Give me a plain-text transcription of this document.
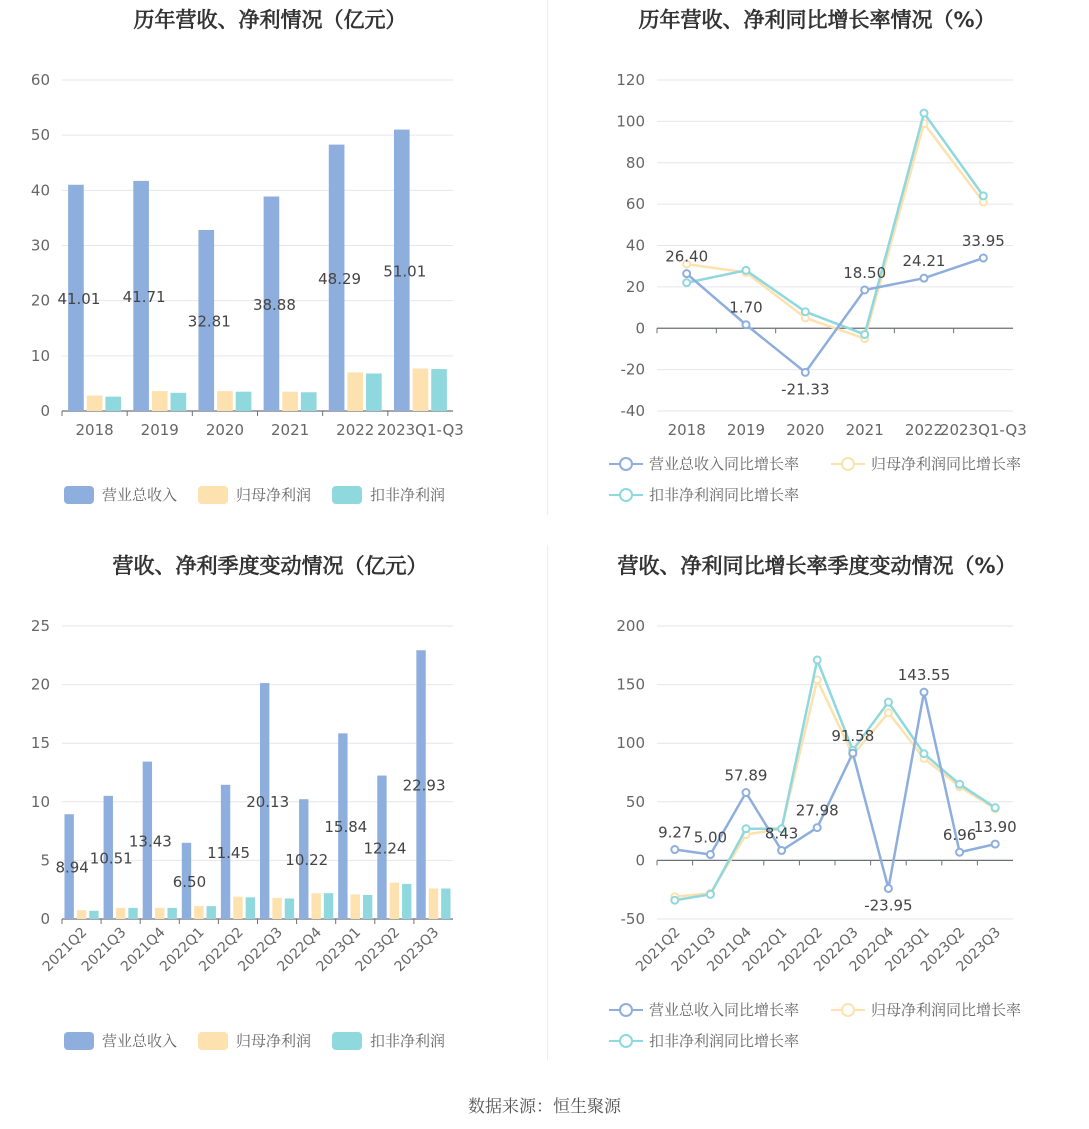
历年营收、净利情况（亿元）
0
10
20
30
40
50
60
2018 2019 2020 2021 2022 2023Q1-Q3
41.01 41.71
32.81
38.88
48.29 51.01
营业总收入	归母净利润	扣非净利润
历年营收、净利同比增长率情况（%）
-40
-20
0
20
40
60
80
100
120
2018 2019 2020 2021 2022
2023Q1-Q3
26.40
1.70
-21.33
18.50
24.21
33.95
营业总收入同比增长率	归母净利润同比增长率
扣非净利润同比增长率
营收、净利季度变动情况（亿元）
0
5
10
15
20
25
2021Q2
2021Q3
2021Q4
2022Q1
2022Q2
2022Q3
2022Q4
2023Q1
2023Q2
2023Q3
8.94
10.51
13.43
6.50
11.45
20.13
10.22
15.84
12.24
22.93
营业总收入	归母净利润	扣非净利润
营收、净利同比增长率季度变动情况（%）
-50
0
50
100
150
200
2021Q2
2021Q3
2021Q4
2022Q1
2022Q2
2022Q3
2022Q4
2023Q1
2023Q2
2023Q3
9.27 5.00
57.89
8.43
27.98
91.58
-23.95
143.55
6.96
13.90
营业总收入同比增长率	归母净利润同比增长率
扣非净利润同比增长率
数据来源：恒生聚源
